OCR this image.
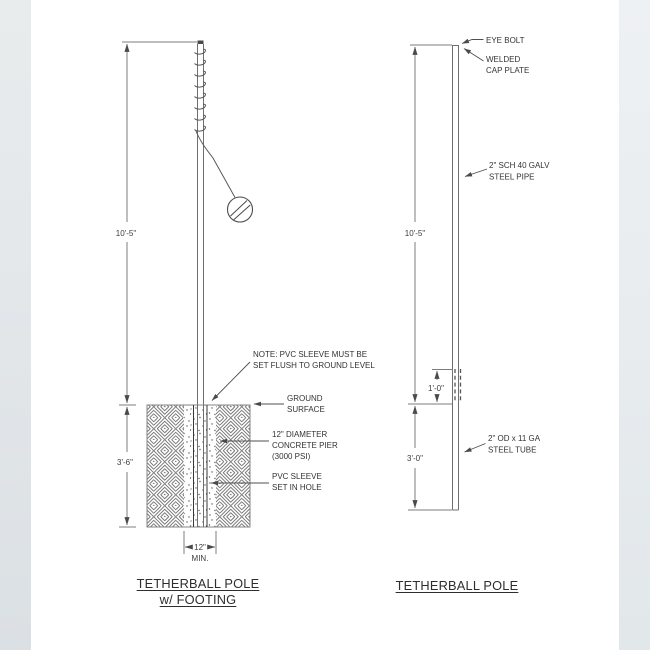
10'-5"
3'-6"
12"
MIN.
NOTE: PVC SLEEVE MUST BE
SET FLUSH TO GROUND LEVEL
GROUND
SURFACE
12" DIAMETER
CONCRETE PIER
(3000 PSI)
PVC SLEEVE
SET IN HOLE
10'-5"
1'-0"
3'-0"
EYE BOLT
WELDED
CAP PLATE
2" SCH 40 GALV
STEEL PIPE
2" OD x 11 GA
STEEL TUBE
TETHERBALL POLE
w/ FOOTING
TETHERBALL POLE
